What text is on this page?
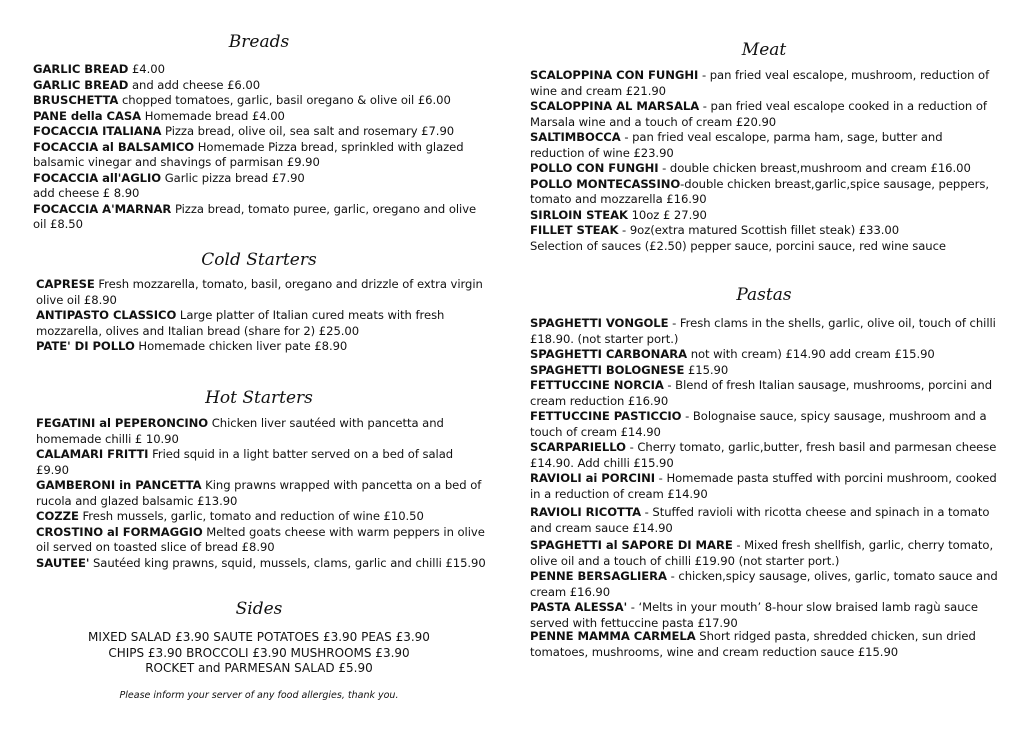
Breads
GARLIC BREAD £4.00
GARLIC BREAD and add cheese £6.00
BRUSCHETTA chopped tomatoes, garlic, basil oregano & olive oil £6.00
PANE della CASA Homemade bread £4.00
FOCACCIA ITALIANA Pizza bread, olive oil, sea salt and rosemary £7.90
FOCACCIA al BALSAMICO Homemade Pizza bread, sprinkled with glazed balsamic vinegar and shavings of parmisan £9.90
FOCACCIA all'AGLIO Garlic pizza bread £7.90
add cheese £ 8.90
FOCACCIA A'MARNAR Pizza bread, tomato puree, garlic, oregano and olive oil £8.50
Cold Starters
CAPRESE Fresh mozzarella, tomato, basil, oregano and drizzle of extra virgin olive oil £8.90
ANTIPASTO CLASSICO Large platter of Italian cured meats with fresh mozzarella, olives and Italian bread (share for 2) £25.00
PATE' DI POLLO Homemade chicken liver pate £8.90
Hot Starters
FEGATINI al PEPERONCINO Chicken liver sautéed with pancetta and homemade chilli £ 10.90
CALAMARI FRITTI Fried squid in a light batter served on a bed of salad £9.90
GAMBERONI in PANCETTA King prawns wrapped with pancetta on a bed of rucola and glazed balsamic £13.90
COZZE Fresh mussels, garlic, tomato and reduction of wine £10.50
CROSTINO al FORMAGGIO Melted goats cheese with warm peppers in olive oil served on toasted slice of bread £8.90
SAUTEE' Sautéed king prawns, squid, mussels, clams, garlic and chilli £15.90
Sides
MIXED SALAD £3.90 SAUTE POTATOES £3.90 PEAS £3.90
CHIPS £3.90 BROCCOLI £3.90 MUSHROOMS £3.90
ROCKET and PARMESAN SALAD £5.90
Please inform your server of any food allergies, thank you.
Meat
SCALOPPINA CON FUNGHI - pan fried veal escalope, mushroom, reduction of wine and cream £21.90
SCALOPPINA AL MARSALA - pan fried veal escalope cooked in a reduction of Marsala wine and a touch of cream £20.90
SALTIMBOCCA - pan fried veal escalope, parma ham, sage, butter and reduction of wine £23.90
POLLO CON FUNGHI - double chicken breast,mushroom and cream £16.00
POLLO MONTECASSINO-double chicken breast,garlic,spice sausage, peppers, tomato and mozzarella £16.90
SIRLOIN STEAK 10oz £ 27.90
FILLET STEAK - 9oz(extra matured Scottish fillet steak) £33.00
Selection of sauces (£2.50) pepper sauce, porcini sauce, red wine sauce
Pastas
SPAGHETTI VONGOLE - Fresh clams in the shells, garlic, olive oil, touch of chilli £18.90. (not starter port.)
SPAGHETTI CARBONARA not with cream) £14.90 add cream £15.90
SPAGHETTI BOLOGNESE £15.90
FETTUCCINE NORCIA - Blend of fresh Italian sausage, mushrooms, porcini and cream reduction £16.90
FETTUCCINE PASTICCIO - Bolognaise sauce, spicy sausage, mushroom and a touch of cream £14.90
SCARPARIELLO - Cherry tomato, garlic,butter, fresh basil and parmesan cheese £14.90. Add chilli £15.90
RAVIOLI ai PORCINI - Homemade pasta stuffed with porcini mushroom, cooked in a reduction of cream £14.90
RAVIOLI RICOTTA - Stuffed ravioli with ricotta cheese and spinach in a tomato and cream sauce £14.90
SPAGHETTI al SAPORE DI MARE - Mixed fresh shellfish, garlic, cherry tomato, olive oil and a touch of chilli £19.90 (not starter port.)
PENNE BERSAGLIERA - chicken,spicy sausage, olives, garlic, tomato sauce and cream £16.90
PASTA ALESSA' - ‘Melts in your mouth’ 8-hour slow braised lamb ragù sauce served with fettuccine pasta £17.90
PENNE MAMMA CARMELA Short ridged pasta, shredded chicken, sun dried tomatoes, mushrooms, wine and cream reduction sauce £15.90
